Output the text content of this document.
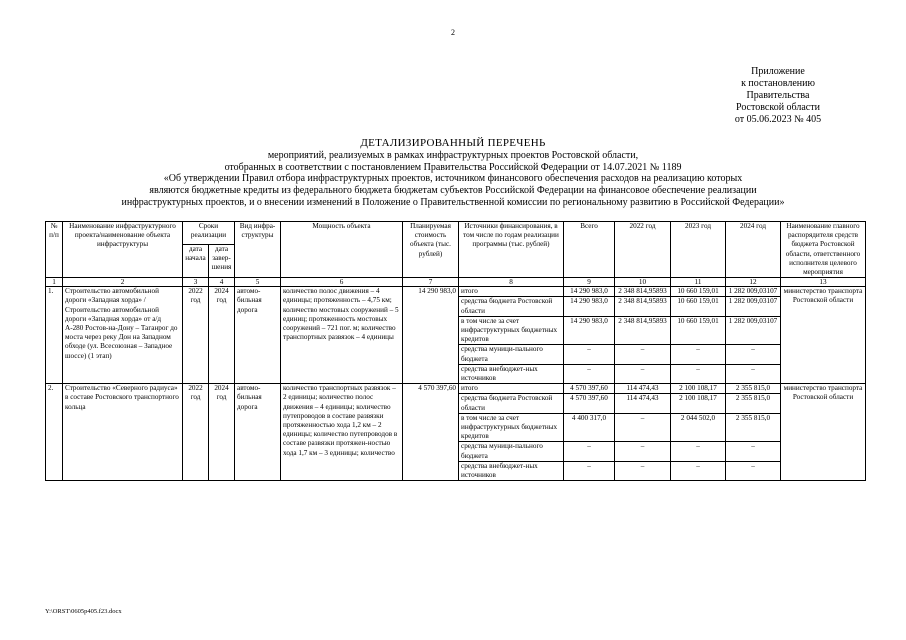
2
Приложение
к постановлению
Правительства
Ростовской области
от 05.06.2023 № 405
ДЕТАЛИЗИРОВАННЫЙ ПЕРЕЧЕНЬ
мероприятий, реализуемых в рамках инфраструктурных проектов Ростовской области,
отобранных в соответствии с постановлением Правительства Российской Федерации от 14.07.2021 № 1189
«Об утверждении Правил отбора инфраструктурных проектов, источником финансового обеспечения расходов на реализацию которых
являются бюджетные кредиты из федерального бюджета бюджетам субъектов Российской Федерации на финансовое обеспечение реализации
инфраструктурных проектов, и о внесении изменений в Положение о Правительственной комиссии по региональному развитию в Российской Федерации»
№ п/п	Наименование инфраструктурного проекта/наименование объекта инфраструктуры	Сроки реализации		Вид инфра-структуры	Мощность объекта	Планируемая стоимость объекта (тыс. рублей)	Источники финансирования, в том числе по годам реализации программы (тыс. рублей)	Всего	2022 год	2023 год	2024 год	Наименование главного распорядителя средств бюджета Ростовской области, ответственного исполнителя целевого мероприятия
		дата начала	дата завер-шения									
1	2	3	4	5	6	7	8	9	10	11	12	13
1.	Строительство автомобильной дороги «Западная хорда» / Строительство автомобильной дороги «Западная хорда» от а/д А-280 Ростов-на-Дону – Таганрог до моста через реку Дон на Западном обходе (ул. Всесоюзная – Западное шоссе) (1 этап)	2022 год	2024 год	автомо-бильная дорога	количество полос движения – 4 единицы; протяженность – 4,75 км; количество мостовых сооружений – 5 единиц; протяженность мостовых сооружений – 721 пог. м; количество транспортных развязок – 4 единицы	14 290 983,0	итого	14 290 983,0	2 348 814,95893	10 660 159,01	1 282 009,03107	министерство транспорта Ростовской области
							средства бюджета Ростовской области	14 290 983,0	2 348 814,95893	10 660 159,01	1 282 009,03107	
							в том числе за счет инфраструктурных бюджетных кредитов	14 290 983,0	2 348 814,95893	10 660 159,01	1 282 009,03107	
							средства муници-пального бюджета	–	–	–	–	
							средства внебюджет-ных источников	–	–	–	–	
2.	Строительство «Северного радиуса» в составе Ростовского транспортного кольца	2022 год	2024 год	автомо-бильная дорога	количество транспортных развязок – 2 единицы; количество полос движения – 4 единицы; количество путепроводов в составе развязки протяженностью хода 1,2 км – 2 единицы; количество путепроводов в составе развязки протяжен-ностью хода 1,7 км – 3 единицы; количество	4 570 397,60	итого	4 570 397,60	114 474,43	2 100 108,17	2 355 815,0	министерство транспорта Ростовской области
							средства бюджета Ростовской области	4 570 397,60	114 474,43	2 100 108,17	2 355 815,0	
							в том числе за счет инфраструктурных бюджетных кредитов	4 400 317,0	–	2 044 502,0	2 355 815,0	
							средства муници-пального бюджета	–	–	–	–	
							средства внебюджет-ных источников	–	–	–	–	
Y:\ORST\0605p405.f23.docx
